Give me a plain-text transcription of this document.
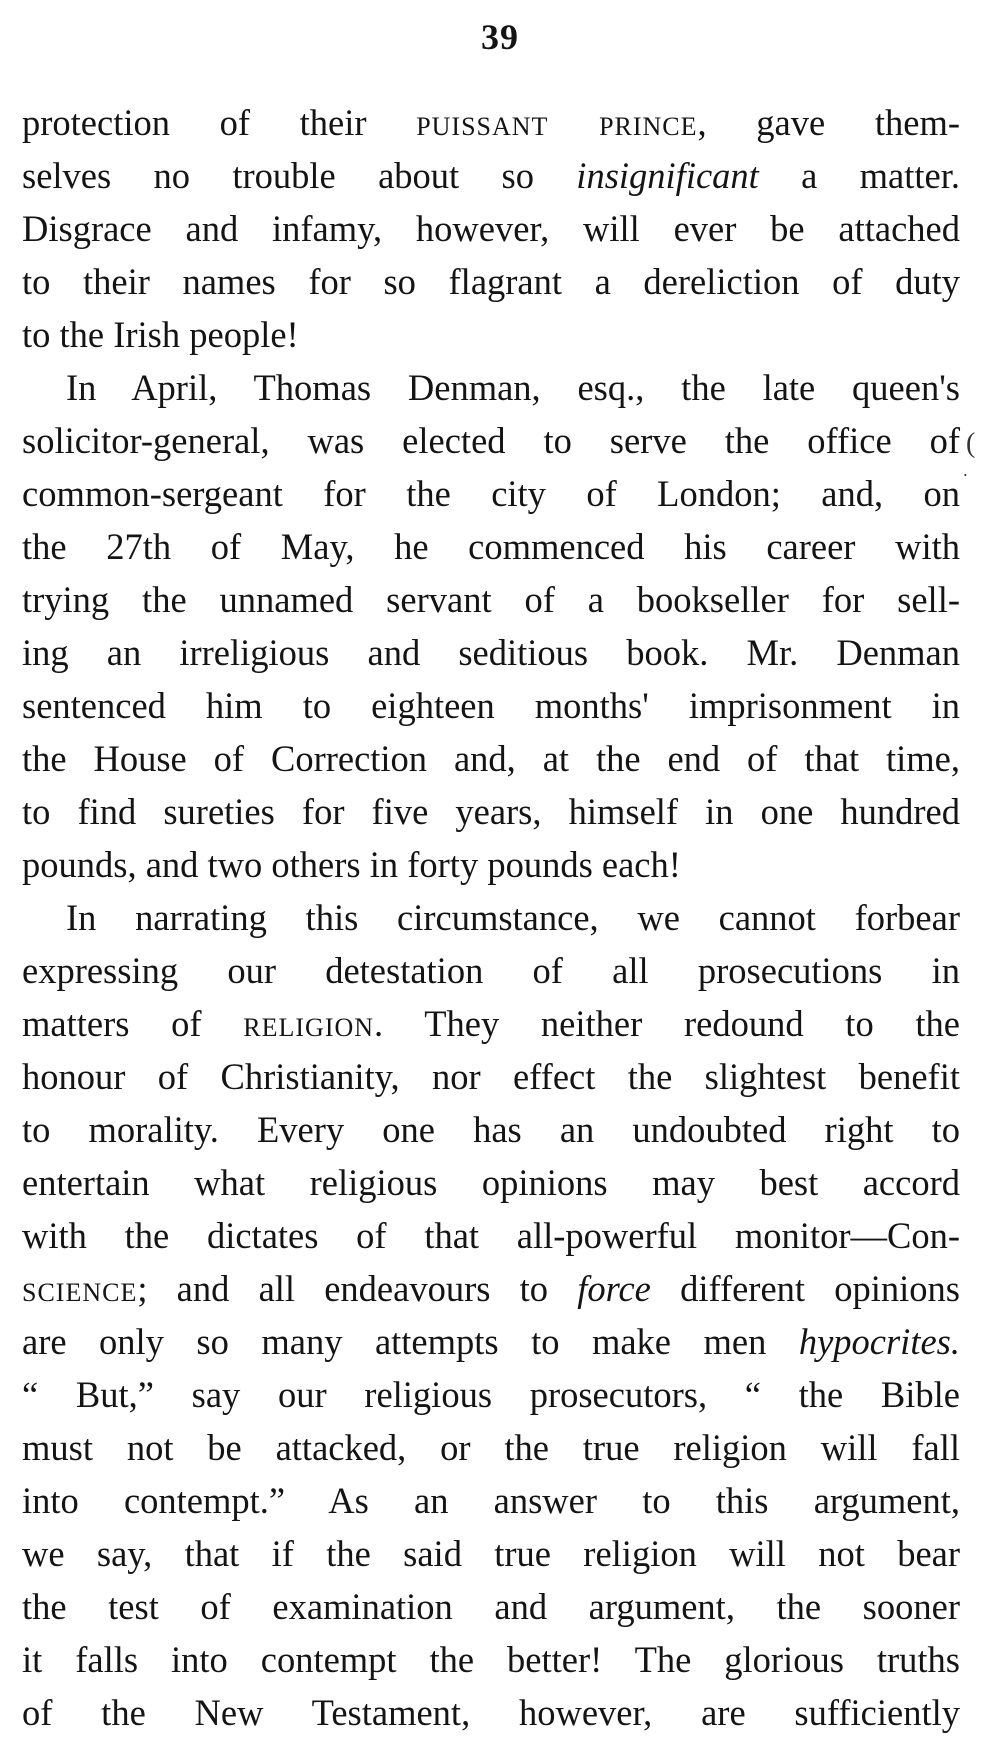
39
protection of their puissant prince, gave them-
selves no trouble about so insignificant a matter.
Disgrace and infamy, however, will ever be attached
to their names for so flagrant a dereliction of duty
to the Irish people!
In April, Thomas Denman, esq., the late queen's
solicitor-general, was elected to serve the office of
common-sergeant for the city of London; and, on
the 27th of May, he commenced his career with
trying the unnamed servant of a bookseller for sell-
ing an irreligious and seditious book. Mr. Denman
sentenced him to eighteen months' imprisonment in
the House of Correction and, at the end of that time,
to find sureties for five years, himself in one hundred
pounds, and two others in forty pounds each!
In narrating this circumstance, we cannot forbear
expressing our detestation of all prosecutions in
matters of religion. They neither redound to the
honour of Christianity, nor effect the slightest benefit
to morality. Every one has an undoubted right to
entertain what religious opinions may best accord
with the dictates of that all-powerful monitor—Con-
science; and all endeavours to force different opinions
are only so many attempts to make men hypocrites.
“ But,” say our religious prosecutors, “ the Bible
must not be attacked, or the true religion will fall
into contempt.” As an answer to this argument,
we say, that if the said true religion will not bear
the test of examination and argument, the sooner
it falls into contempt the better! The glorious truths
of the New Testament, however, are sufficiently
(
˙
